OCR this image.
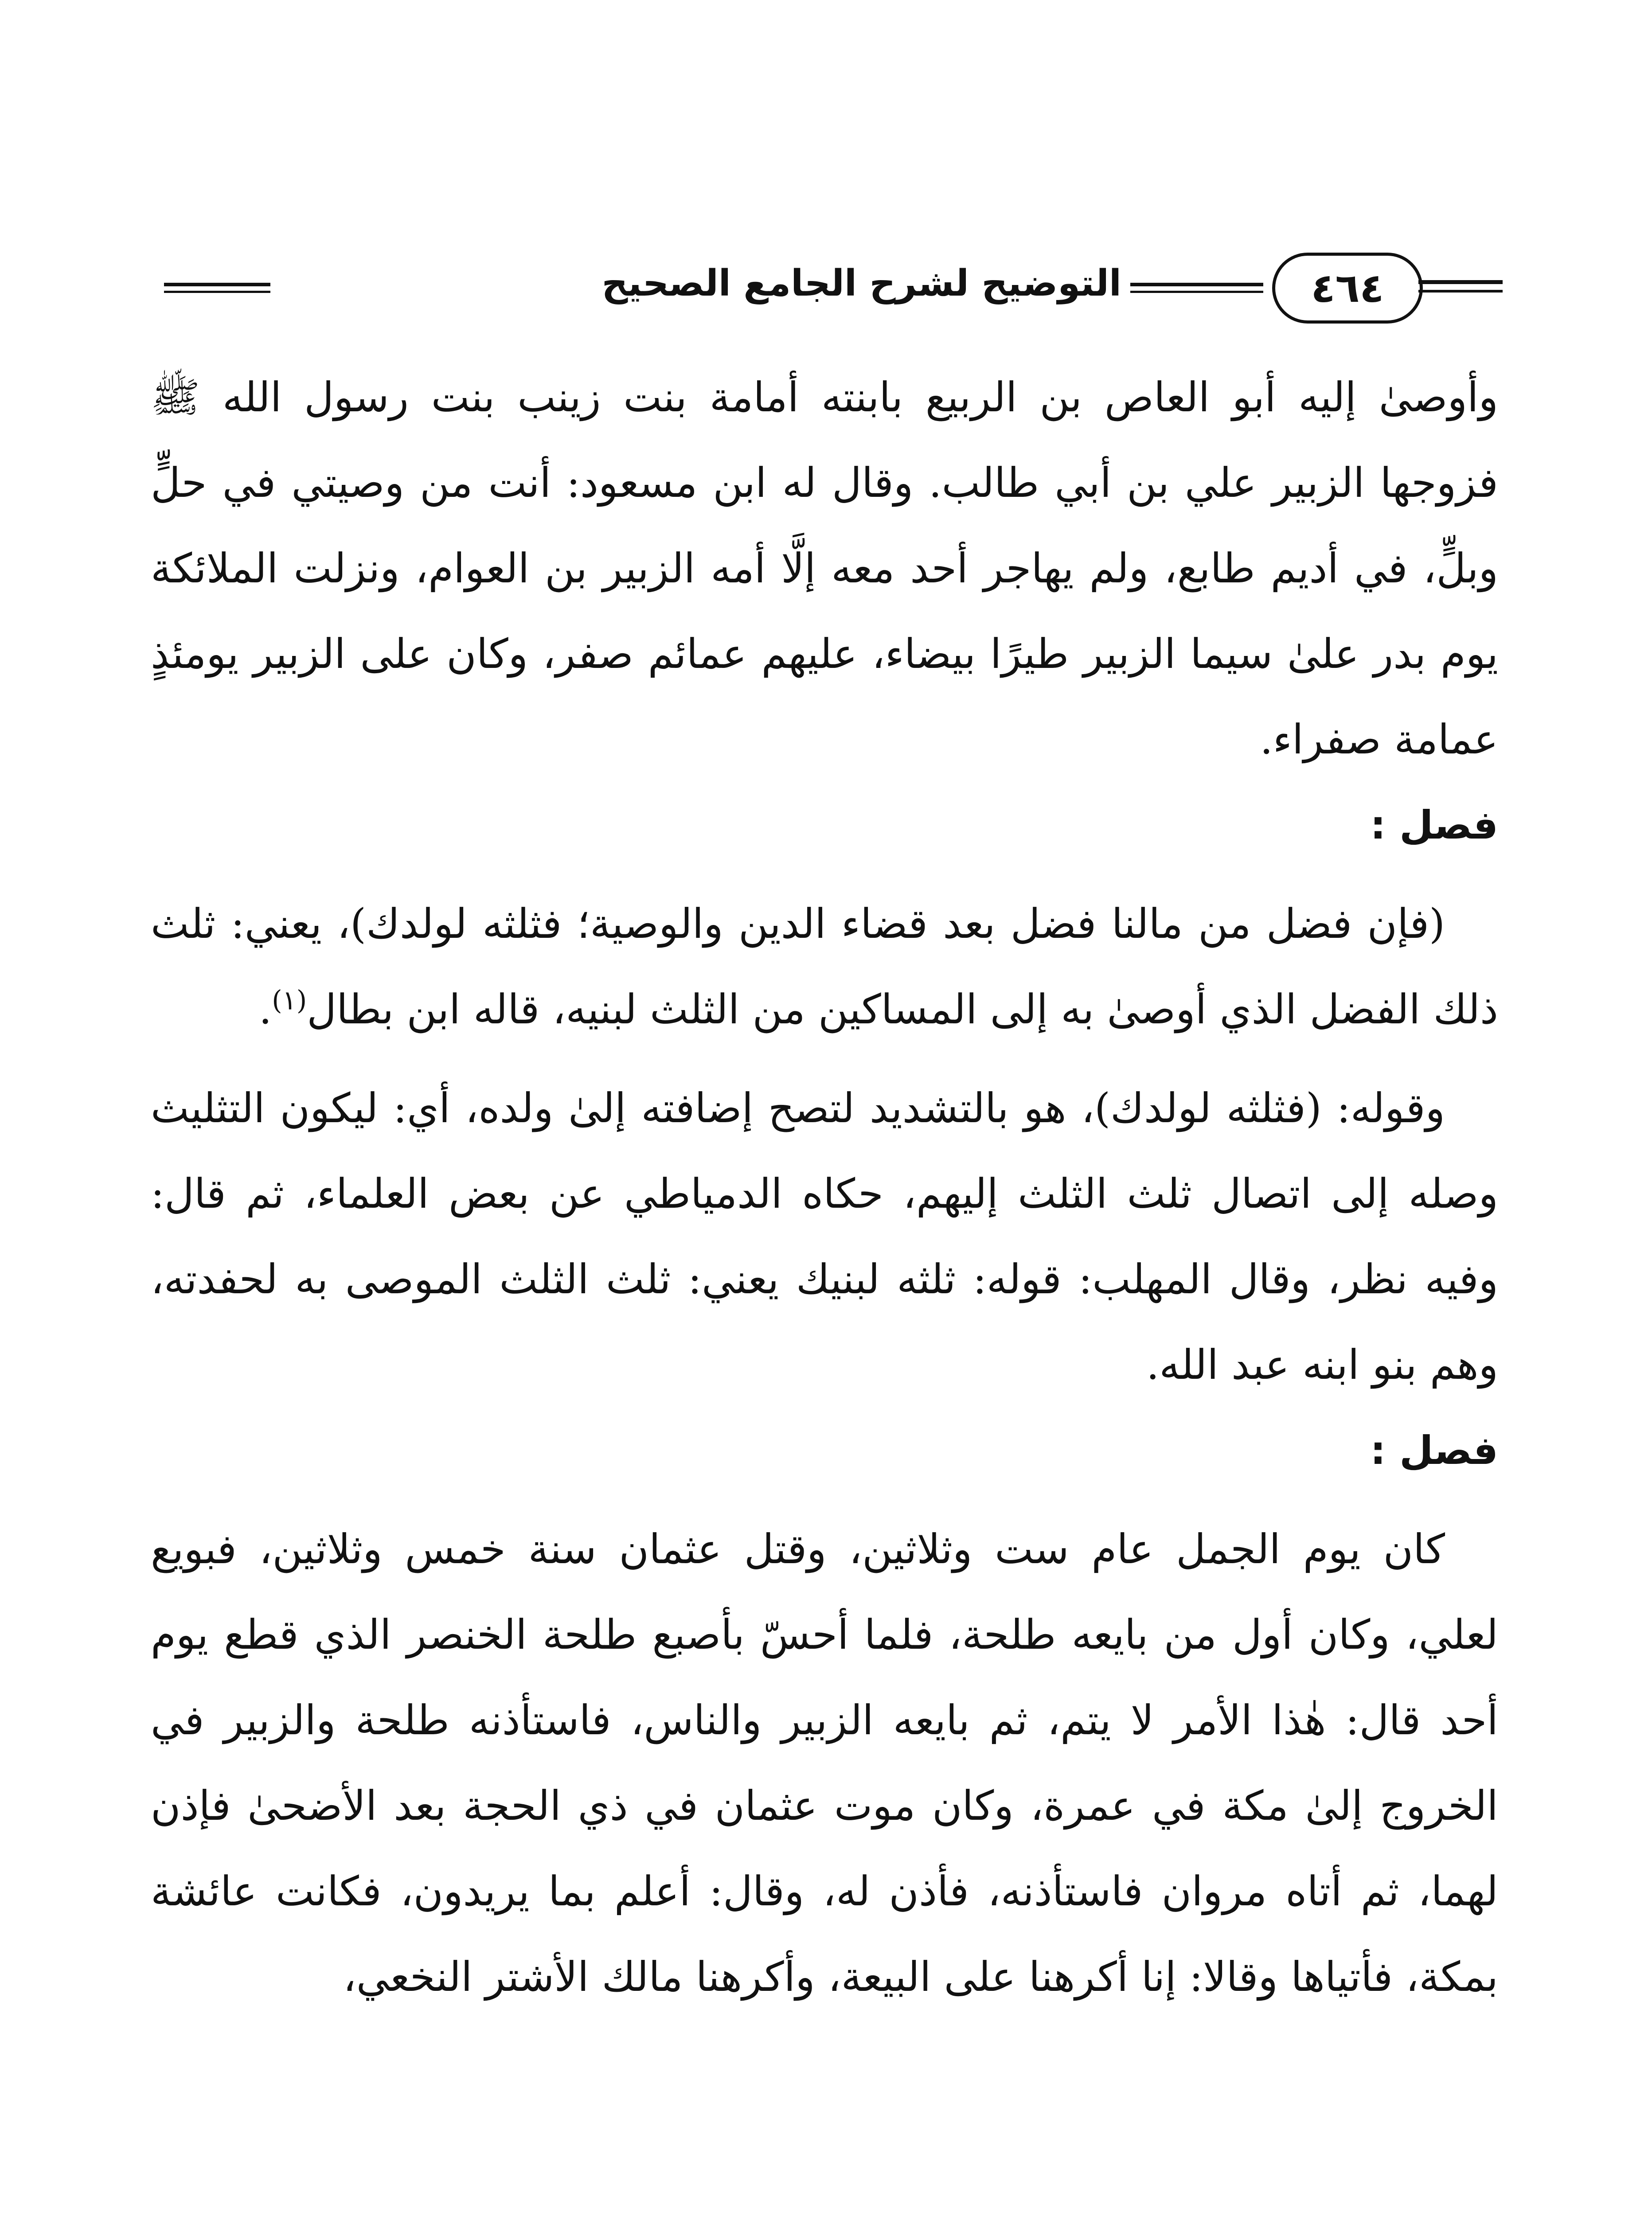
٤٦٤
التوضيح لشرح الجامع الصحيح

وأوصىٰ إليه أبو العاص بن الربيع بابنته أمامة بنت زينب بنت رسول الله ﷺ فزوجها الزبير علي بن أبي طالب. وقال له ابن مسعود: أنت من وصيتي في حلٍّ وبلٍّ، في أديم طابع، ولم يهاجر أحد معه إلَّا أمه الزبير بن العوام، ونزلت الملائكة يوم بدر علىٰ سيما الزبير طيرًا بيضاء، عليهم عمائم صفر، وكان على الزبير يومئذٍ عمامة صفراء.

فصل :

(فإن فضل من مالنا فضل بعد قضاء الدين والوصية؛ فثلثه لولدك)، يعني: ثلث ذلك الفضل الذي أوصىٰ به إلى المساكين من الثلث لبنيه، قاله ابن بطال$^{(١)}$.

وقوله: (فثلثه لولدك)، هو بالتشديد لتصح إضافته إلىٰ ولده، أي: ليكون التثليث وصله إلى اتصال ثلث الثلث إليهم، حكاه الدمياطي عن بعض العلماء، ثم قال: وفيه نظر، وقال المهلب: قوله: ثلثه لبنيك يعني: ثلث الثلث الموصى به لحفدته، وهم بنو ابنه عبد الله.

فصل :

كان يوم الجمل عام ست وثلاثين، وقتل عثمان سنة خمس وثلاثين، فبويع لعلي، وكان أول من بايعه طلحة، فلما أحسّ بأصبع طلحة الخنصر الذي قطع يوم أحد قال: هٰذا الأمر لا يتم، ثم بايعه الزبير والناس، فاستأذنه طلحة والزبير في الخروج إلىٰ مكة في عمرة، وكان موت عثمان في ذي الحجة بعد الأضحىٰ فإذن لهما، ثم أتاه مروان فاستأذنه، فأذن له، وقال: أعلم بما يريدون، فكانت عائشة بمكة، فأتياها وقالا: إنا أكرهنا على البيعة، وأكرهنا مالك الأشتر النخعي،
